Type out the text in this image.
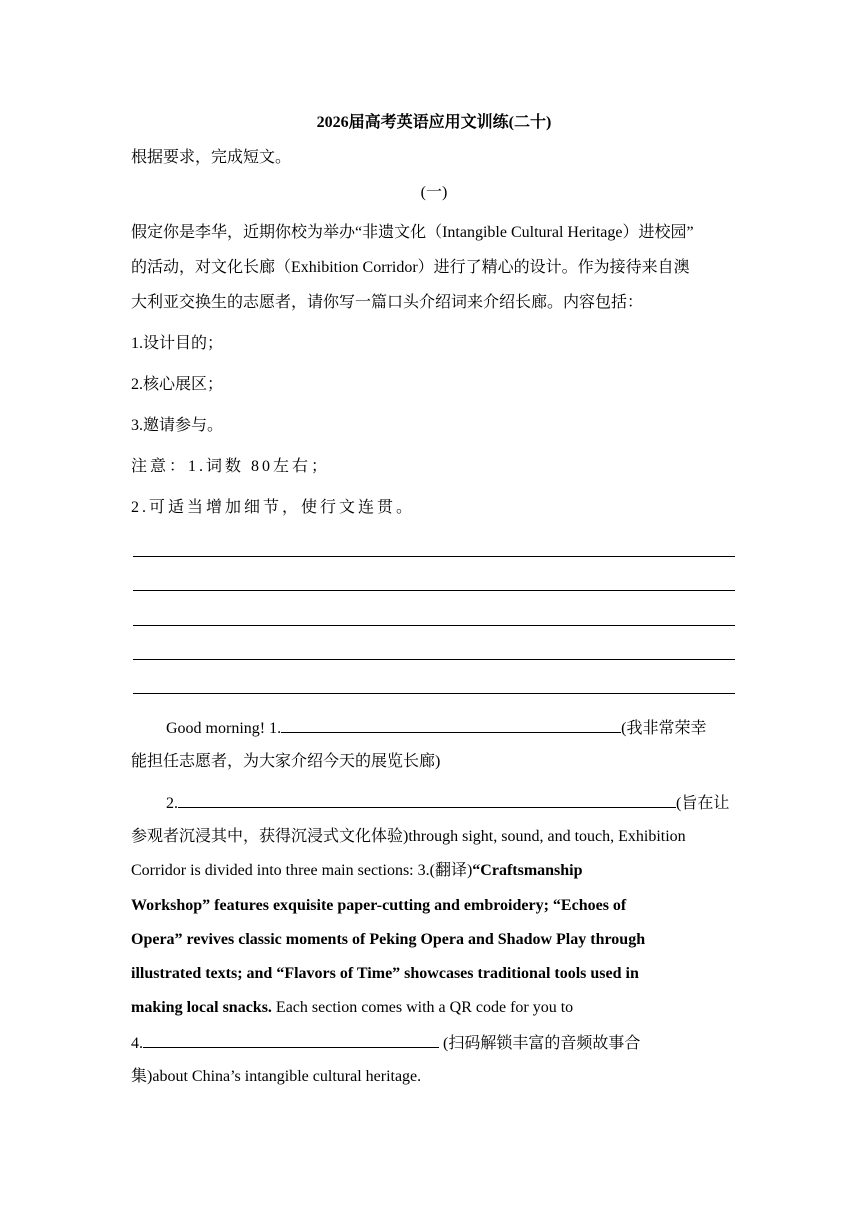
2026届高考英语应用文训练(二十)
根据要求，完成短文。
(一)
假定你是李华，近期你校为举办“非遗文化（Intangible Cultural Heritage）进校园”
的活动，对文化长廊（Exhibition Corridor）进行了精心的设计。作为接待来自澳
大利亚交换生的志愿者，请你写一篇口头介绍词来介绍长廊。内容包括：
1.设计目的；
2.核心展区；
3.邀请参与。
注意：1.词数 80左右；
2.可适当增加细节，使行文连贯。
Good morning! 1.	(我非常荣幸
能担任志愿者，为大家介绍今天的展览长廊)
2.	(旨在让
参观者沉浸其中，获得沉浸式文化体验)through sight, sound, and touch, Exhibition
Corridor is divided into three main sections: 3.(翻译)“Craftsmanship
Workshop” features exquisite paper-cutting and embroidery; “Echoes of
Opera” revives classic moments of Peking Opera and Shadow Play through
illustrated texts; and “Flavors of Time” showcases traditional tools used in
making local snacks. Each section comes with a QR code for you to
4.	(扫码解锁丰富的音频故事合
集)about China’s intangible cultural heritage.
